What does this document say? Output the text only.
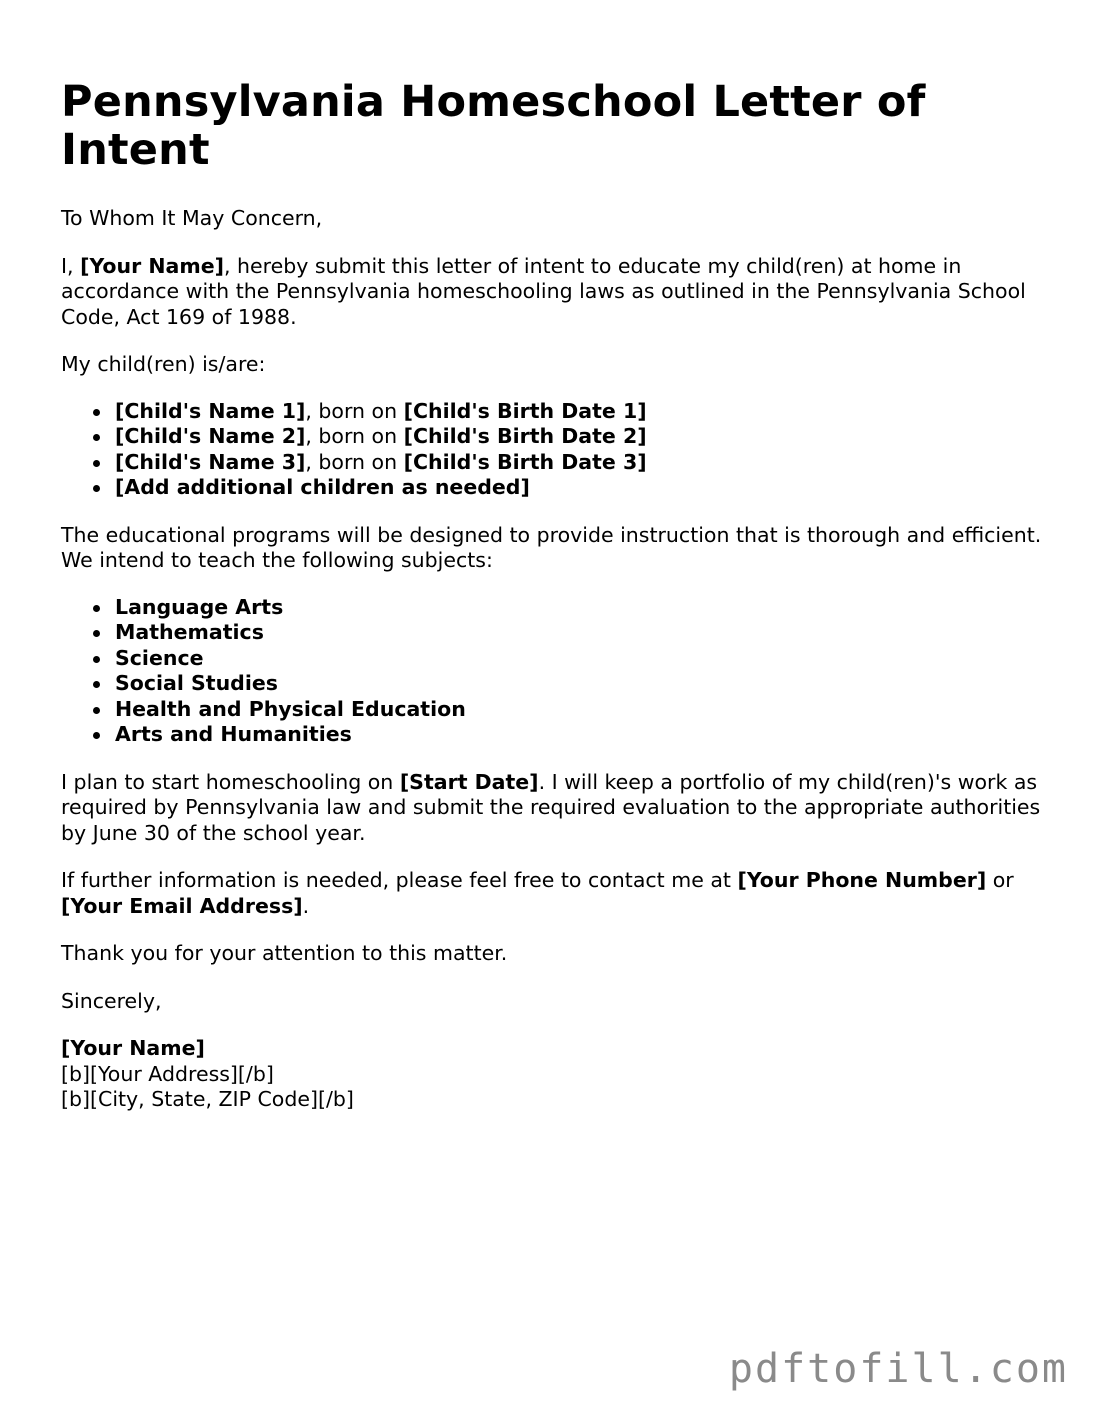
Pennsylvania Homeschool Letter of Intent

To Whom It May Concern,

I, [Your Name], hereby submit this letter of intent to educate my child(ren) at home in accordance with the Pennsylvania homeschooling laws as outlined in the Pennsylvania School Code, Act 169 of 1988.

My child(ren) is/are:

[Child's Name 1], born on [Child's Birth Date 1]
[Child's Name 2], born on [Child's Birth Date 2]
[Child's Name 3], born on [Child's Birth Date 3]
[Add additional children as needed]

The educational programs will be designed to provide instruction that is thorough and efficient. We intend to teach the following subjects:

Language Arts
Mathematics
Science
Social Studies
Health and Physical Education
Arts and Humanities

I plan to start homeschooling on [Start Date]. I will keep a portfolio of my child(ren)'s work as required by Pennsylvania law and submit the required evaluation to the appropriate authorities by June 30 of the school year.

If further information is needed, please feel free to contact me at [Your Phone Number] or [Your Email Address].

Thank you for your attention to this matter.

Sincerely,

[Your Name]

[b][Your Address][/b]

[b][City, State, ZIP Code][/b]

pdftofill.com
